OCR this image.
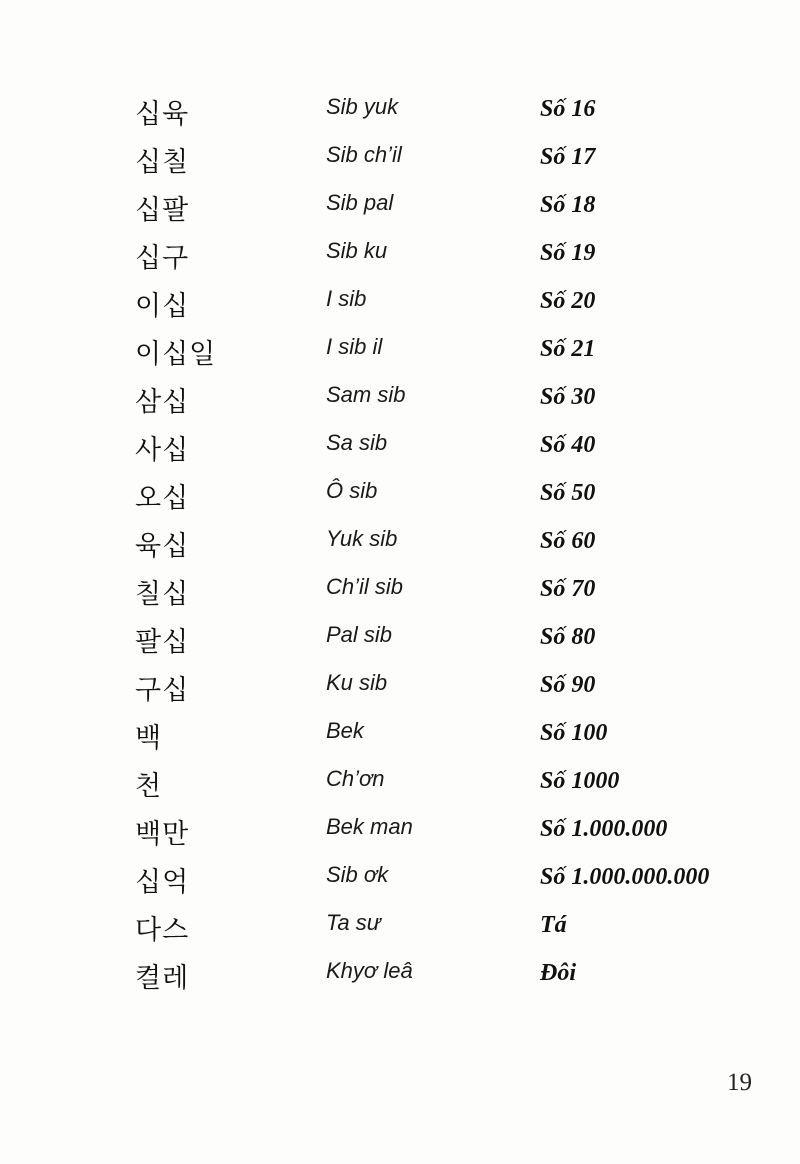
십육	Sib yuk	Số 16
십칠	Sib ch’il	Số 17
십팔	Sib pal	Số 18
십구	Sib ku	Số 19
이십	I sib	Số 20
이십일	I sib il	Số 21
삼십	Sam sib	Số 30
사십	Sa sib	Số 40
오십	Ô sib	Số 50
육십	Yuk sib	Số 60
칠십	Ch’il sib	Số 70
팔십	Pal sib	Số 80
구십	Ku sib	Số 90
백	Bek	Số 100
천	Ch’ơn	Số 1000
백만	Bek man	Số 1.000.000
십억	Sib ơk	Số 1.000.000.000
다스	Ta sư	Tá
켤레	Khyơ leâ	Đôi
19
